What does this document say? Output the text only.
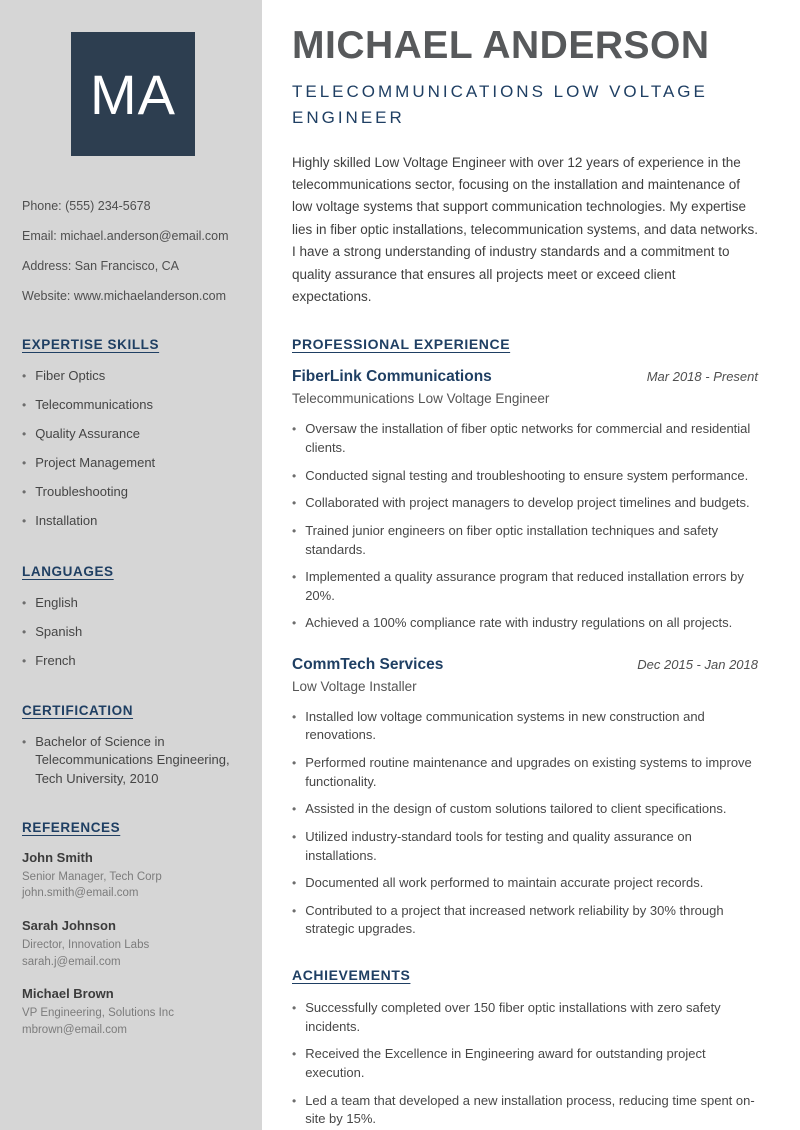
MA
Phone: (555) 234-5678
Email: michael.anderson@email.com
Address: San Francisco, CA
Website: www.michaelanderson.com
EXPERTISE SKILLS
• Fiber Optics
• Telecommunications
• Quality Assurance
• Project Management
• Troubleshooting
• Installation
LANGUAGES
• English
• Spanish
• French
CERTIFICATION
• Bachelor of Science in Telecommunications Engineering, Tech University, 2010
REFERENCES
John Smith
Senior Manager, Tech Corp
john.smith@email.com
Sarah Johnson
Director, Innovation Labs
sarah.j@email.com
Michael Brown
VP Engineering, Solutions Inc
mbrown@email.com
MICHAEL ANDERSON
TELECOMMUNICATIONS LOW VOLTAGE ENGINEER

Highly skilled Low Voltage Engineer with over 12 years of experience in the telecommunications sector, focusing on the installation and maintenance of low voltage systems that support communication technologies. My expertise lies in fiber optic installations, telecommunication systems, and data networks. I have a strong understanding of industry standards and a commitment to quality assurance that ensures all projects meet or exceed client expectations.

PROFESSIONAL EXPERIENCE
FiberLink Communications	Mar 2018 - Present
Telecommunications Low Voltage Engineer
• Oversaw the installation of fiber optic networks for commercial and residential clients.
• Conducted signal testing and troubleshooting to ensure system performance.
• Collaborated with project managers to develop project timelines and budgets.
• Trained junior engineers on fiber optic installation techniques and safety standards.
• Implemented a quality assurance program that reduced installation errors by 20%.
• Achieved a 100% compliance rate with industry regulations on all projects.
CommTech Services	Dec 2015 - Jan 2018
Low Voltage Installer
• Installed low voltage communication systems in new construction and renovations.
• Performed routine maintenance and upgrades on existing systems to improve functionality.
• Assisted in the design of custom solutions tailored to client specifications.
• Utilized industry-standard tools for testing and quality assurance on installations.
• Documented all work performed to maintain accurate project records.
• Contributed to a project that increased network reliability by 30% through strategic upgrades.
ACHIEVEMENTS
• Successfully completed over 150 fiber optic installations with zero safety incidents.
• Received the Excellence in Engineering award for outstanding project execution.
• Led a team that developed a new installation process, reducing time spent on-site by 15%.
